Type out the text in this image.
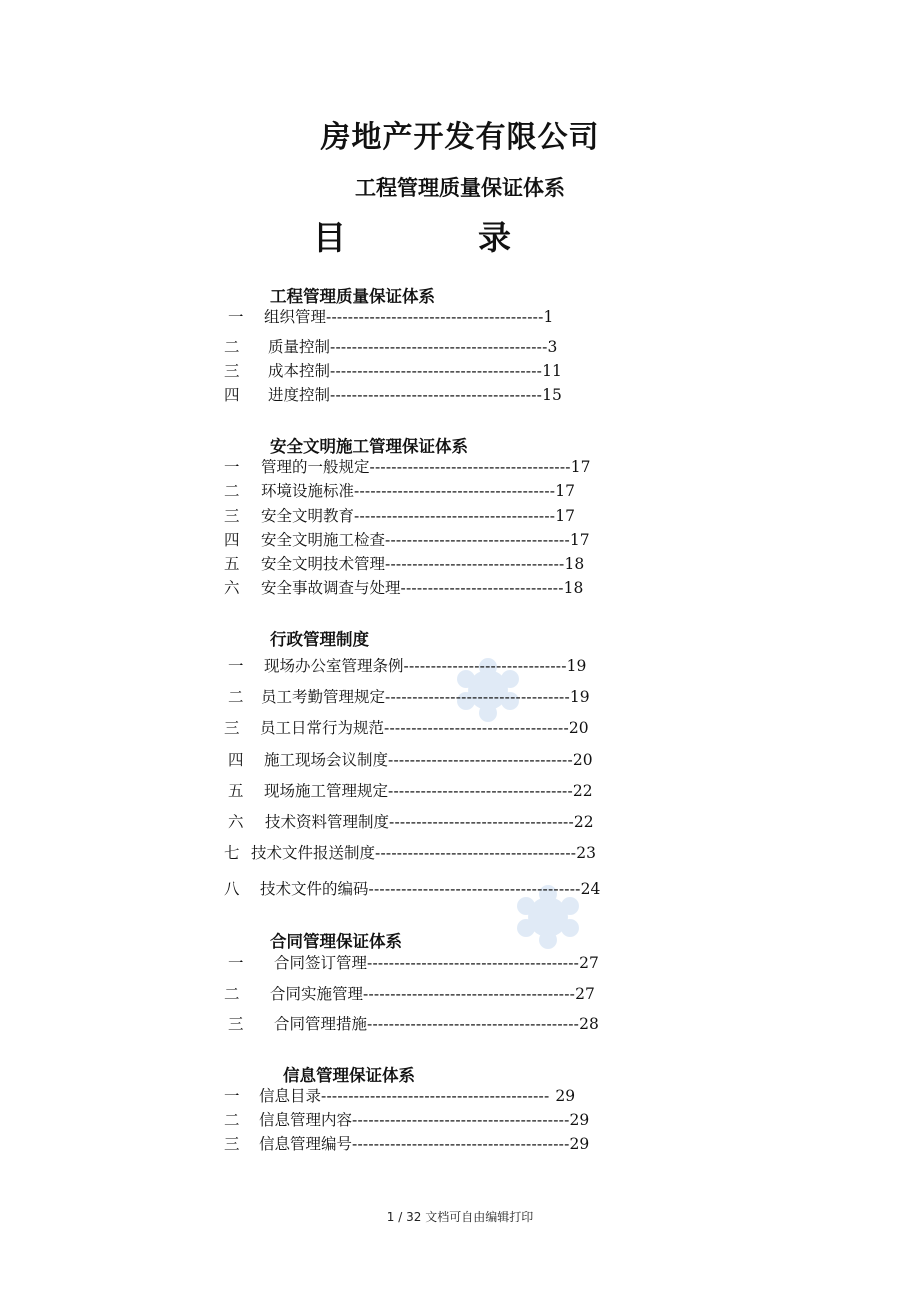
房地产开发有限公司
工程管理质量保证体系
目	录
工程管理质量保证体系
一 组织管理----------------------------------------1
二 质量控制----------------------------------------3
三 成本控制---------------------------------------11
四 进度控制---------------------------------------15
安全文明施工管理保证体系
一 管理的一般规定-------------------------------------17
二 环境设施标准-------------------------------------17
三 安全文明教育-------------------------------------17
四 安全文明施工检查----------------------------------17
五 安全文明技术管理---------------------------------18
六 安全事故调查与处理------------------------------18
行政管理制度
一 现场办公室管理条例------------------------------19
二 员工考勤管理规定----------------------------------19
三 员工日常行为规范----------------------------------20
四 施工现场会议制度----------------------------------20
五 现场施工管理规定----------------------------------22
六 技术资料管理制度----------------------------------22
七 技术文件报送制度-------------------------------------23
八 技术文件的编码---------------------------------------24
合同管理保证体系
一 合同签订管理---------------------------------------27
二 合同实施管理---------------------------------------27
三 合同管理措施---------------------------------------28
信息管理保证体系
一 信息目录------------------------------------------ 29
二 信息管理内容----------------------------------------29
三 信息管理编号----------------------------------------29
1 / 32 文档可自由编辑打印
